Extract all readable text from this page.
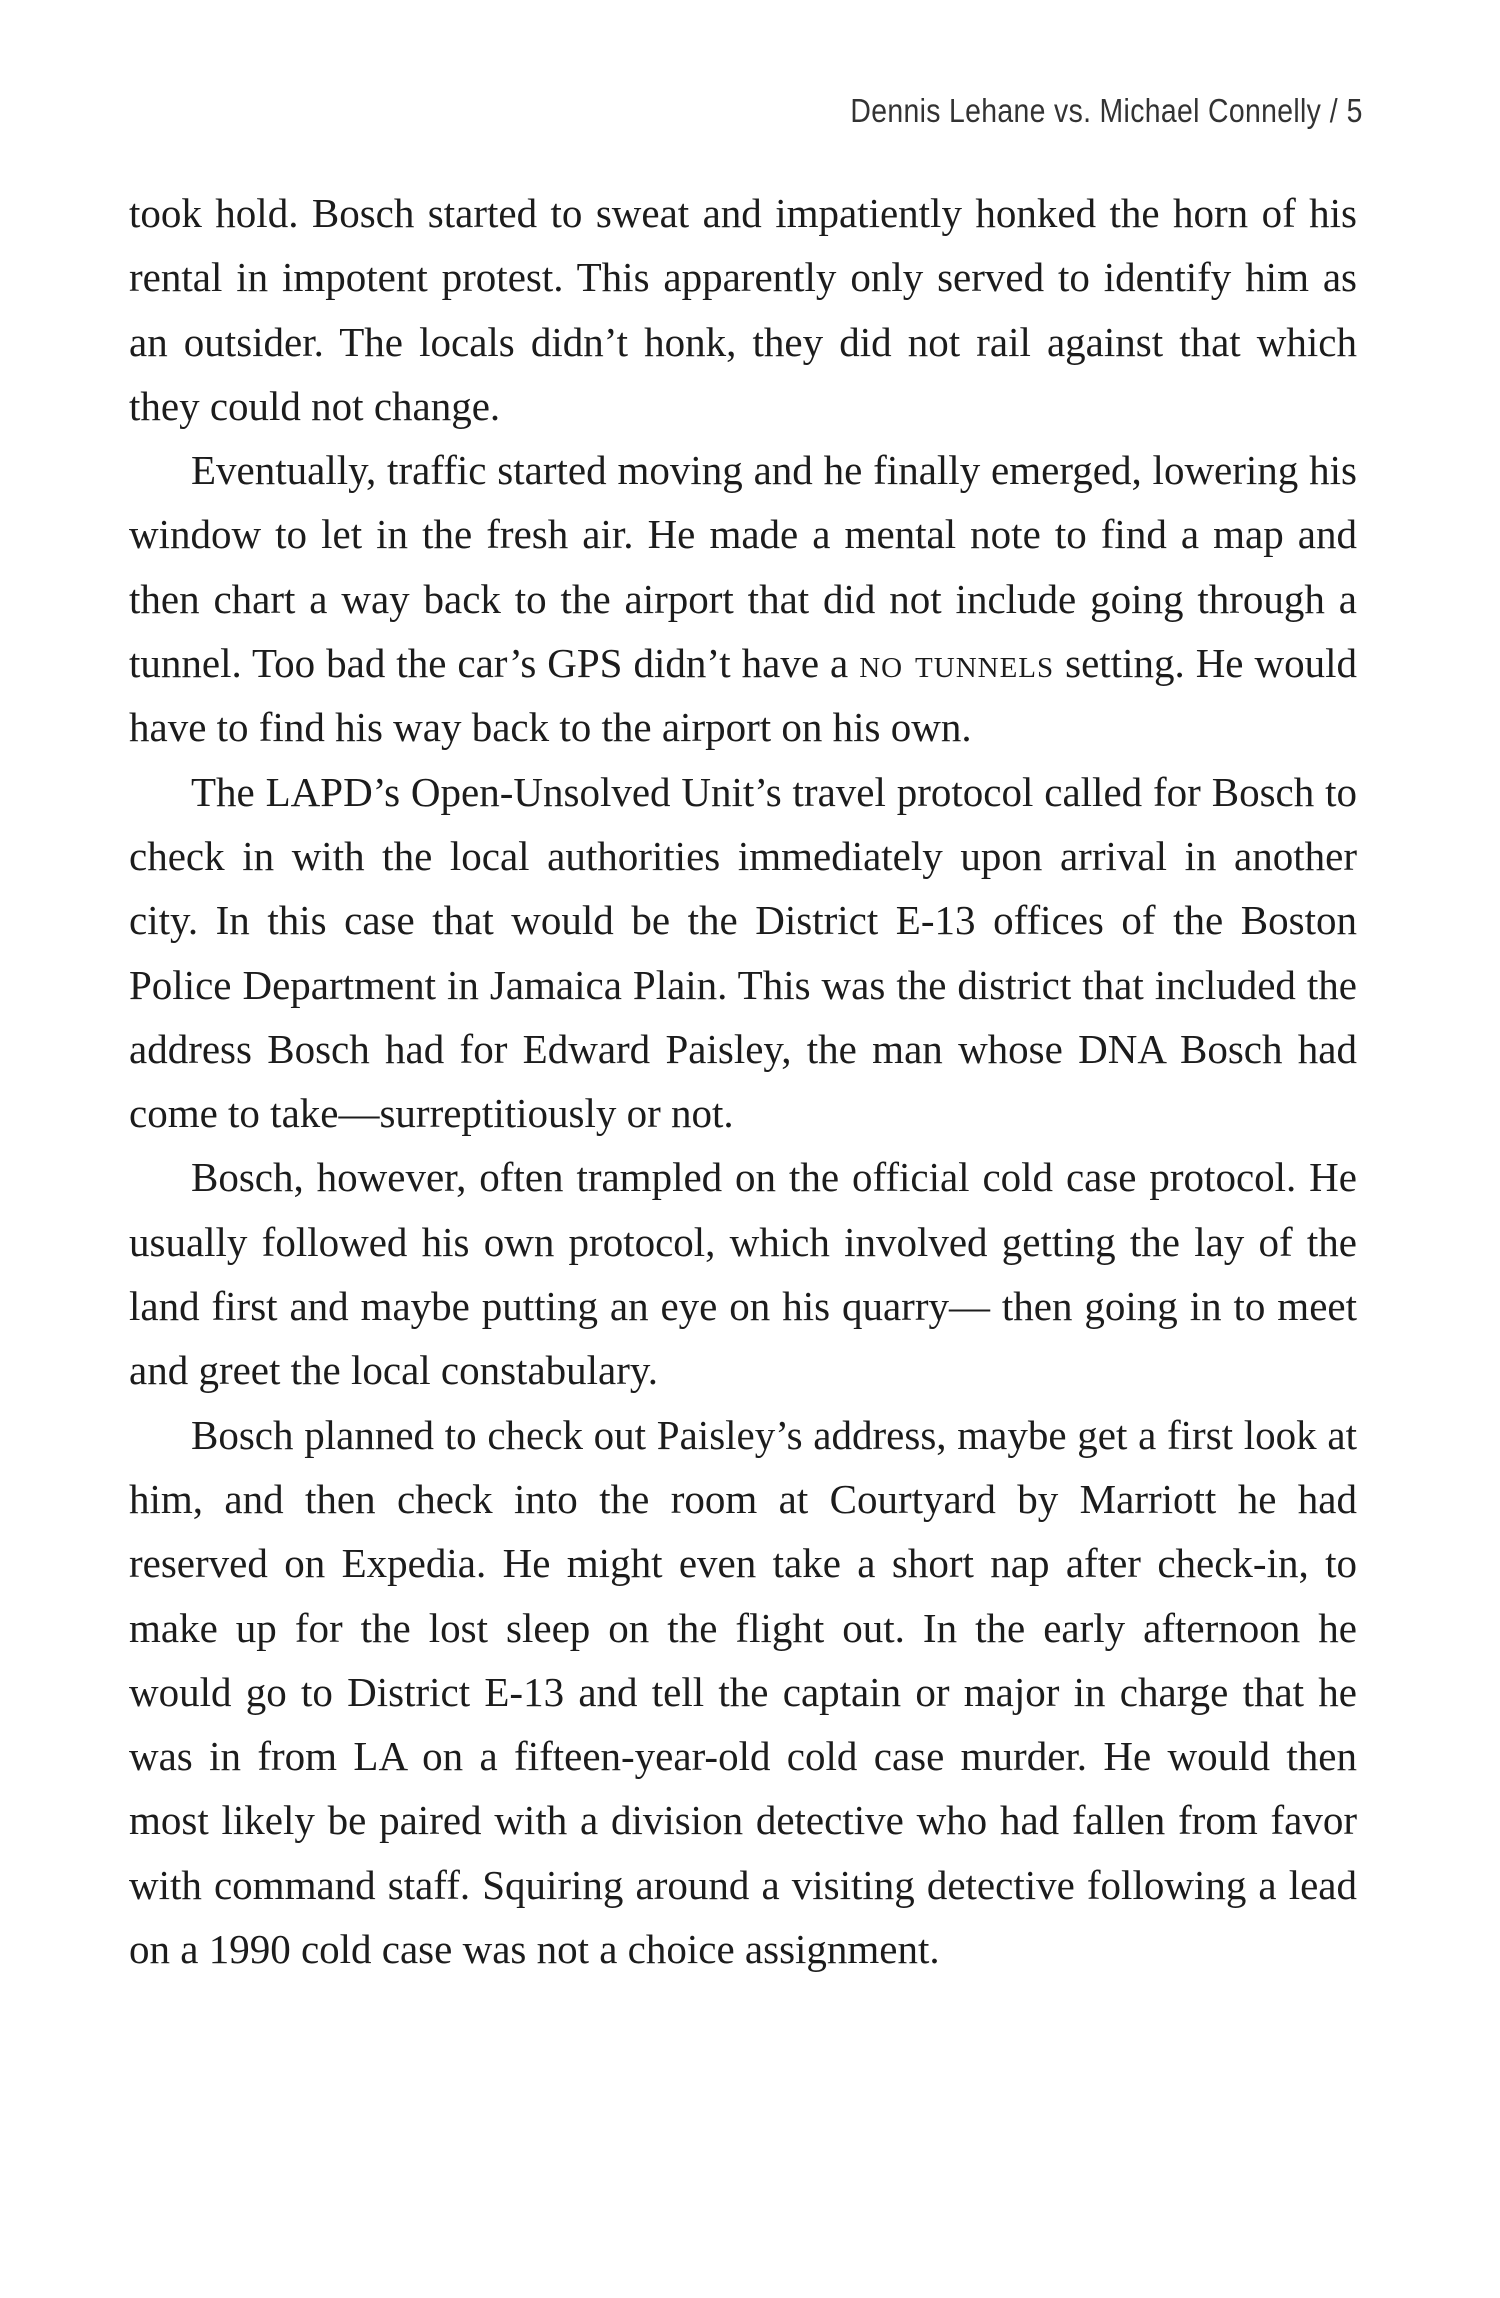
Dennis Lehane vs. Michael Connelly / 5

took hold. Bosch started to sweat and impatiently honked the horn of his rental in impotent protest. This apparently only served to identify him as an outsider. The locals didn’t honk, they did not rail against that which they could not change.

Eventually, traffic started moving and he finally emerged, lowering his window to let in the fresh air. He made a mental note to find a map and then chart a way back to the airport that did not include going through a tunnel. Too bad the car’s GPS didn’t have a no tunnels setting. He would have to find his way back to the airport on his own.

The LAPD’s Open-Unsolved Unit’s travel protocol called for Bosch to check in with the local authorities immediately upon arrival in another city. In this case that would be the District E-13 offices of the Boston Police Department in Jamaica Plain. This was the district that included the address Bosch had for Edward Paisley, the man whose DNA Bosch had come to take—surreptitiously or not.

Bosch, however, often trampled on the official cold case protocol. He usually followed his own protocol, which involved getting the lay of the land first and maybe putting an eye on his quarry— then going in to meet and greet the local constabulary.

Bosch planned to check out Paisley’s address, maybe get a first look at him, and then check into the room at Courtyard by Marriott he had reserved on Expedia. He might even take a short nap after check-in, to make up for the lost sleep on the flight out. In the early afternoon he would go to District E-13 and tell the captain or major in charge that he was in from LA on a fifteen-year-old cold case murder. He would then most likely be paired with a division detective who had fallen from favor with command staff. Squiring around a visiting detective following a lead on a 1990 cold case was not a choice assignment.
